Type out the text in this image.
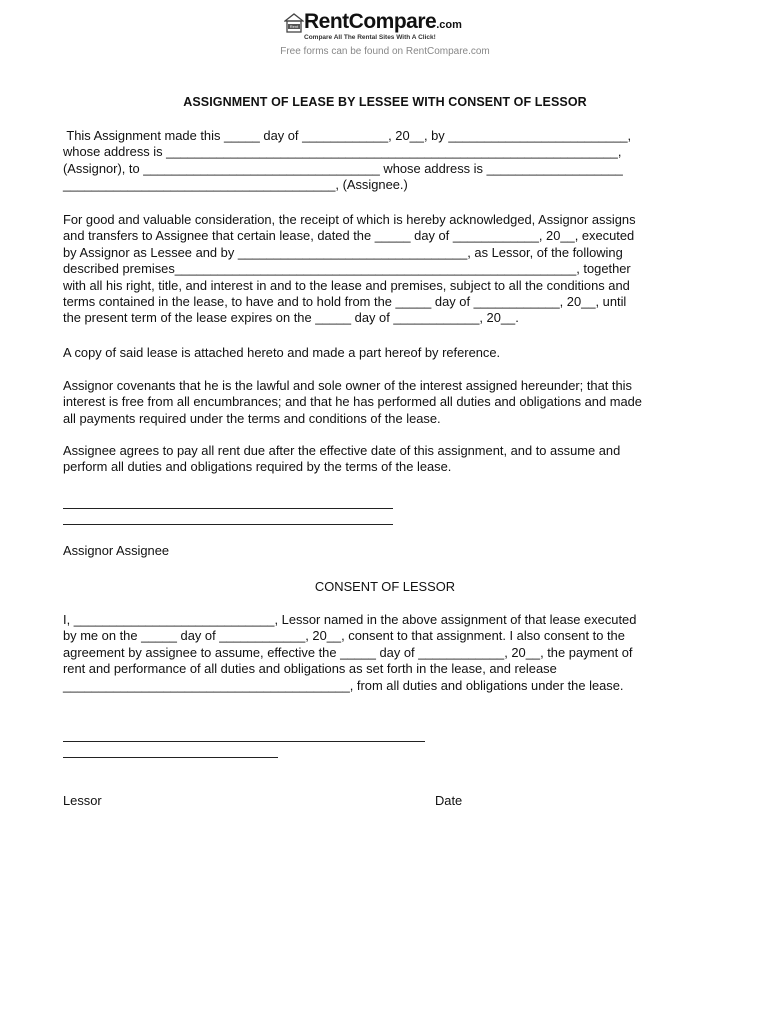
Rent RentCompare.com
Compare All The Rental Sites With A Click!
Free forms can be found on RentCompare.com
ASSIGNMENT OF LEASE BY LESSEE WITH CONSENT OF LESSOR
This Assignment made this _____ day of ____________, 20__, by _________________________,
whose address is _______________________________________________________________,
(Assignor), to _________________________________ whose address is ___________________
______________________________________, (Assignee.)
For good and valuable consideration, the receipt of which is hereby acknowledged, Assignor assigns
and transfers to Assignee that certain lease, dated the _____ day of ____________, 20__, executed
by Assignor as Lessee and by ________________________________, as Lessor, of the following
described premises________________________________________________________, together
with all his right, title, and interest in and to the lease and premises, subject to all the conditions and
terms contained in the lease, to have and to hold from the _____ day of ____________, 20__, until
the present term of the lease expires on the _____ day of ____________, 20__.
A copy of said lease is attached hereto and made a part hereof by reference.
Assignor covenants that he is the lawful and sole owner of the interest assigned hereunder; that this
interest is free from all encumbrances; and that he has performed all duties and obligations and made
all payments required under the terms and conditions of the lease.
Assignee agrees to pay all rent due after the effective date of this assignment, and to assume and
perform all duties and obligations required by the terms of the lease.
Assignor Assignee
CONSENT OF LESSOR
I, ____________________________, Lessor named in the above assignment of that lease executed
by me on the _____ day of ____________, 20__, consent to that assignment. I also consent to the
agreement by assignee to assume, effective the _____ day of ____________, 20__, the payment of
rent and performance of all duties and obligations as set forth in the lease, and release
________________________________________, from all duties and obligations under the lease.
Lessor	Date
